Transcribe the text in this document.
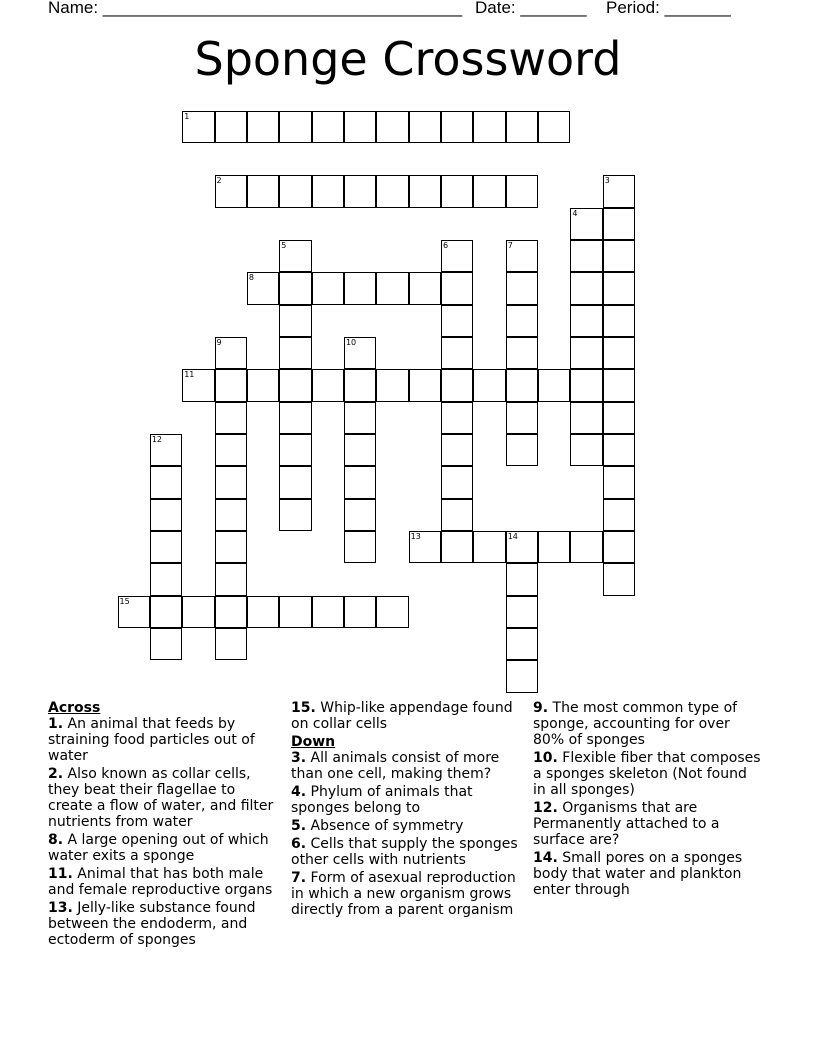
Name: ______________________________________ Date: _______ Period: _______
Sponge Crossword
1
2	3
4
5	6	7
8
9	10
11
12
13	14
15
Across
1. An animal that feeds by straining food particles out of water
2. Also known as collar cells, they beat their flagellae to create a flow of water, and filter nutrients from water
8. A large opening out of which water exits a sponge
11. Animal that has both male and female reproductive organs
13. Jelly-like substance found between the endoderm, and ectoderm of sponges
15. Whip-like appendage found on collar cells
Down
3. All animals consist of more than one cell, making them?
4. Phylum of animals that sponges belong to
5. Absence of symmetry
6. Cells that supply the sponges other cells with nutrients
7. Form of asexual reproduction in which a new organism grows directly from a parent organism
9. The most common type of sponge, accounting for over 80% of sponges
10. Flexible fiber that composes a sponges skeleton (Not found in all sponges)
12. Organisms that are Permanently attached to a surface are?
14. Small pores on a sponges body that water and plankton enter through
